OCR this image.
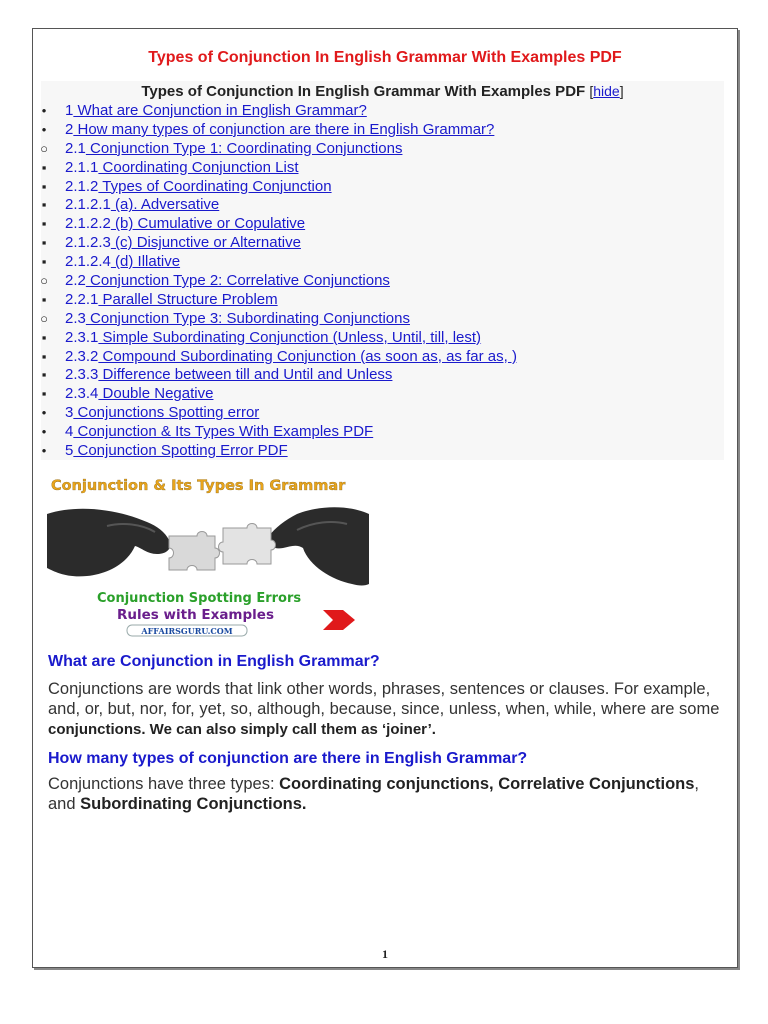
Types of Conjunction In English Grammar With Examples PDF
Types of Conjunction In English Grammar With Examples PDF [hide]
•	1 What are Conjunction in English Grammar?
•	2 How many types of conjunction are there in English Grammar?
○ 2.1 Conjunction Type 1: Coordinating Conjunctions
▪	2.1.1 Coordinating Conjunction List
▪	2.1.2 Types of Coordinating Conjunction
▪	2.1.2.1 (a). Adversative
▪	2.1.2.2 (b) Cumulative or Copulative
▪	2.1.2.3 (c) Disjunctive or Alternative
▪	2.1.2.4 (d) Illative
○ 2.2 Conjunction Type 2: Correlative Conjunctions
▪	2.2.1 Parallel Structure Problem
○ 2.3 Conjunction Type 3: Subordinating Conjunctions
▪	2.3.1 Simple Subordinating Conjunction (Unless, Until, till, lest)
▪	2.3.2 Compound Subordinating Conjunction (as soon as, as far as, )
▪	2.3.3 Difference between till and Until and Unless
▪	2.3.4 Double Negative
•	3 Conjunctions Spotting error
•	4 Conjunction & Its Types With Examples PDF
•	5 Conjunction Spotting Error PDF
Conjunction & Its Types In Grammar
Conjunction Spotting Errors
Rules with Examples
AFFAIRSGURU.COM
What are Conjunction in English Grammar?
Conjunctions are words that link other words, phrases, sentences or clauses. For example, and, or, but, nor, for, yet, so, although, because, since, unless, when, while, where are some conjunctions. We can also simply call them as ‘joiner’.
How many types of conjunction are there in English Grammar?
Conjunctions have three types: Coordinating conjunctions, Correlative Conjunctions, and Subordinating Conjunctions.
1
